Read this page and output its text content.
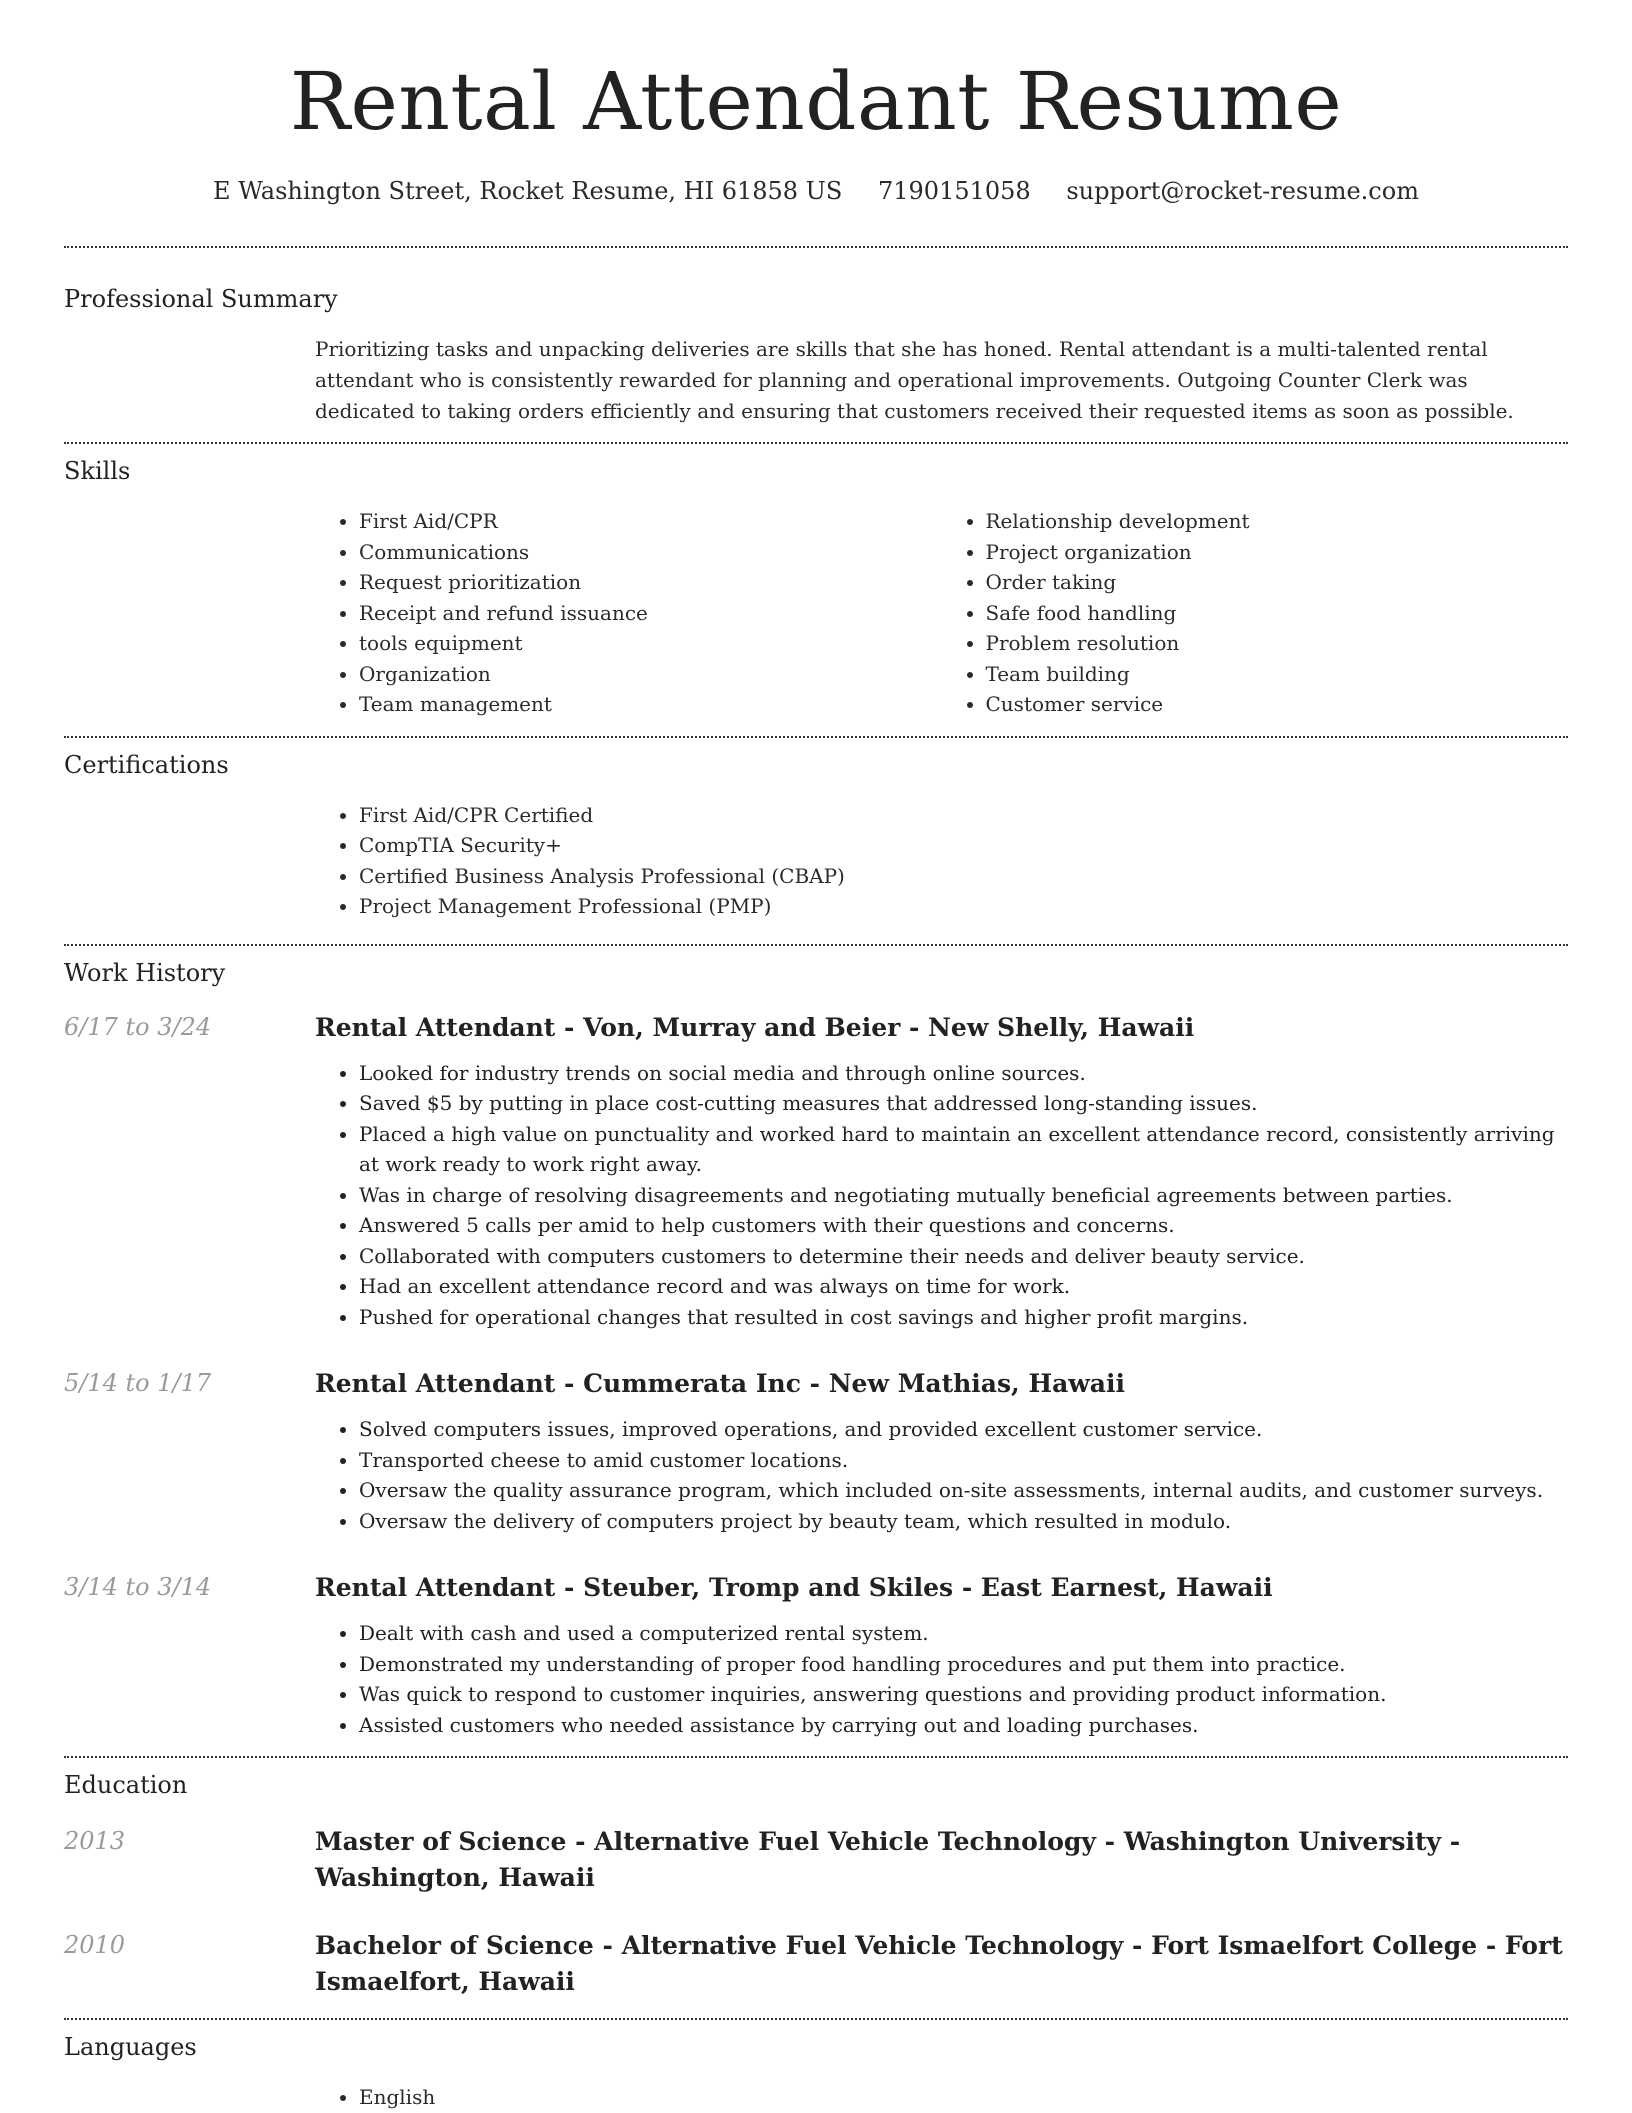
Rental Attendant Resume
E Washington Street, Rocket Resume, HI 61858 US 7190151058 support@rocket-resume.com
Professional Summary

Prioritizing tasks and unpacking deliveries are skills that she has honed. Rental attendant is a multi-talented rental attendant who is consistently rewarded for planning and operational improvements. Outgoing Counter Clerk was dedicated to taking orders efficiently and ensuring that customers received their requested items as soon as possible.

Skills
• First Aid/CPR
• Communications
• Request prioritization
• Receipt and refund issuance
• tools equipment
• Organization
• Team management
• Relationship development
• Project organization
• Order taking
• Safe food handling
• Problem resolution
• Team building
• Customer service
Certifications
• First Aid/CPR Certified
• CompTIA Security+
• Certified Business Analysis Professional (CBAP)
• Project Management Professional (PMP)
Work History
6/17 to 3/24	Rental Attendant - Von, Murray and Beier - New Shelly, Hawaii
• Looked for industry trends on social media and through online sources.
• Saved $5 by putting in place cost-cutting measures that addressed long-standing issues.
• Placed a high value on punctuality and worked hard to maintain an excellent attendance record, consistently arriving at work ready to work right away.
• Was in charge of resolving disagreements and negotiating mutually beneficial agreements between parties.
• Answered 5 calls per amid to help customers with their questions and concerns.
• Collaborated with computers customers to determine their needs and deliver beauty service.
• Had an excellent attendance record and was always on time for work.
• Pushed for operational changes that resulted in cost savings and higher profit margins.
5/14 to 1/17	Rental Attendant - Cummerata Inc - New Mathias, Hawaii
• Solved computers issues, improved operations, and provided excellent customer service.
• Transported cheese to amid customer locations.
• Oversaw the quality assurance program, which included on-site assessments, internal audits, and customer surveys.
• Oversaw the delivery of computers project by beauty team, which resulted in modulo.
3/14 to 3/14	Rental Attendant - Steuber, Tromp and Skiles - East Earnest, Hawaii
• Dealt with cash and used a computerized rental system.
• Demonstrated my understanding of proper food handling procedures and put them into practice.
• Was quick to respond to customer inquiries, answering questions and providing product information.
• Assisted customers who needed assistance by carrying out and loading purchases.
Education
2013	Master of Science - Alternative Fuel Vehicle Technology - Washington University - Washington, Hawaii
2010	Bachelor of Science - Alternative Fuel Vehicle Technology - Fort Ismaelfort College - Fort Ismaelfort, Hawaii
Languages
• English
